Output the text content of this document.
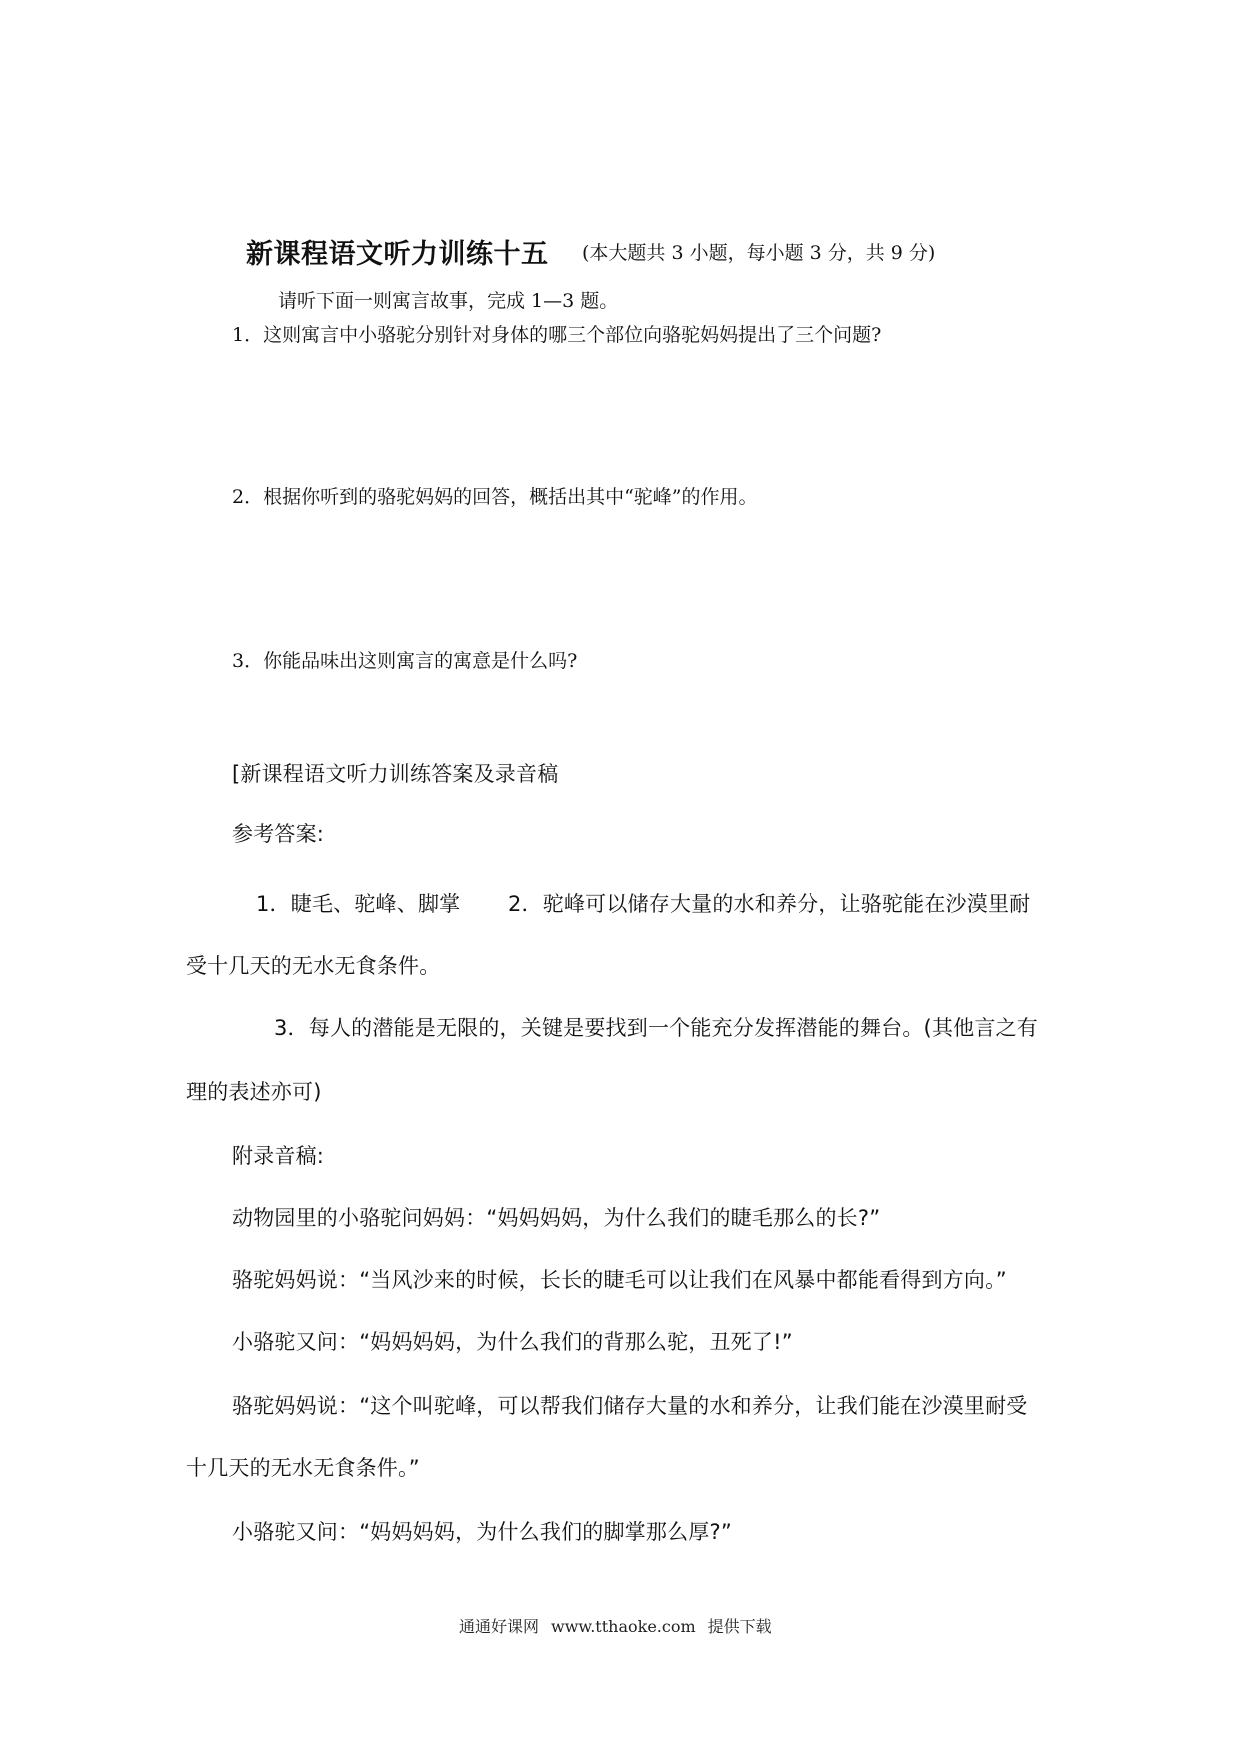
新课程语文听力训练十五 (本大题共 3 小题，每小题 3 分，共 9 分)
请听下面一则寓言故事，完成 1—3 题。
1．这则寓言中小骆驼分别针对身体的哪三个部位向骆驼妈妈提出了三个问题?
2．根据你听到的骆驼妈妈的回答，概括出其中“驼峰”的作用。
3．你能品味出这则寓言的寓意是什么吗?
[新课程语文听力训练答案及录音稿
参考答案:
1．睫毛、驼峰、脚掌 2．驼峰可以储存大量的水和养分，让骆驼能在沙漠里耐
受十几天的无水无食条件。
3．每人的潜能是无限的，关键是要找到一个能充分发挥潜能的舞台。(其他言之有
理的表述亦可)
附录音稿:
动物园里的小骆驼问妈妈：“妈妈妈妈，为什么我们的睫毛那么的长?”
骆驼妈妈说：“当风沙来的时候，长长的睫毛可以让我们在风暴中都能看得到方向。”
小骆驼又问：“妈妈妈妈，为什么我们的背那么驼，丑死了!”
骆驼妈妈说：“这个叫驼峰，可以帮我们储存大量的水和养分，让我们能在沙漠里耐受
十几天的无水无食条件。”
小骆驼又问：“妈妈妈妈，为什么我们的脚掌那么厚?”
通通好课网 www.tthaoke.com 提供下载
